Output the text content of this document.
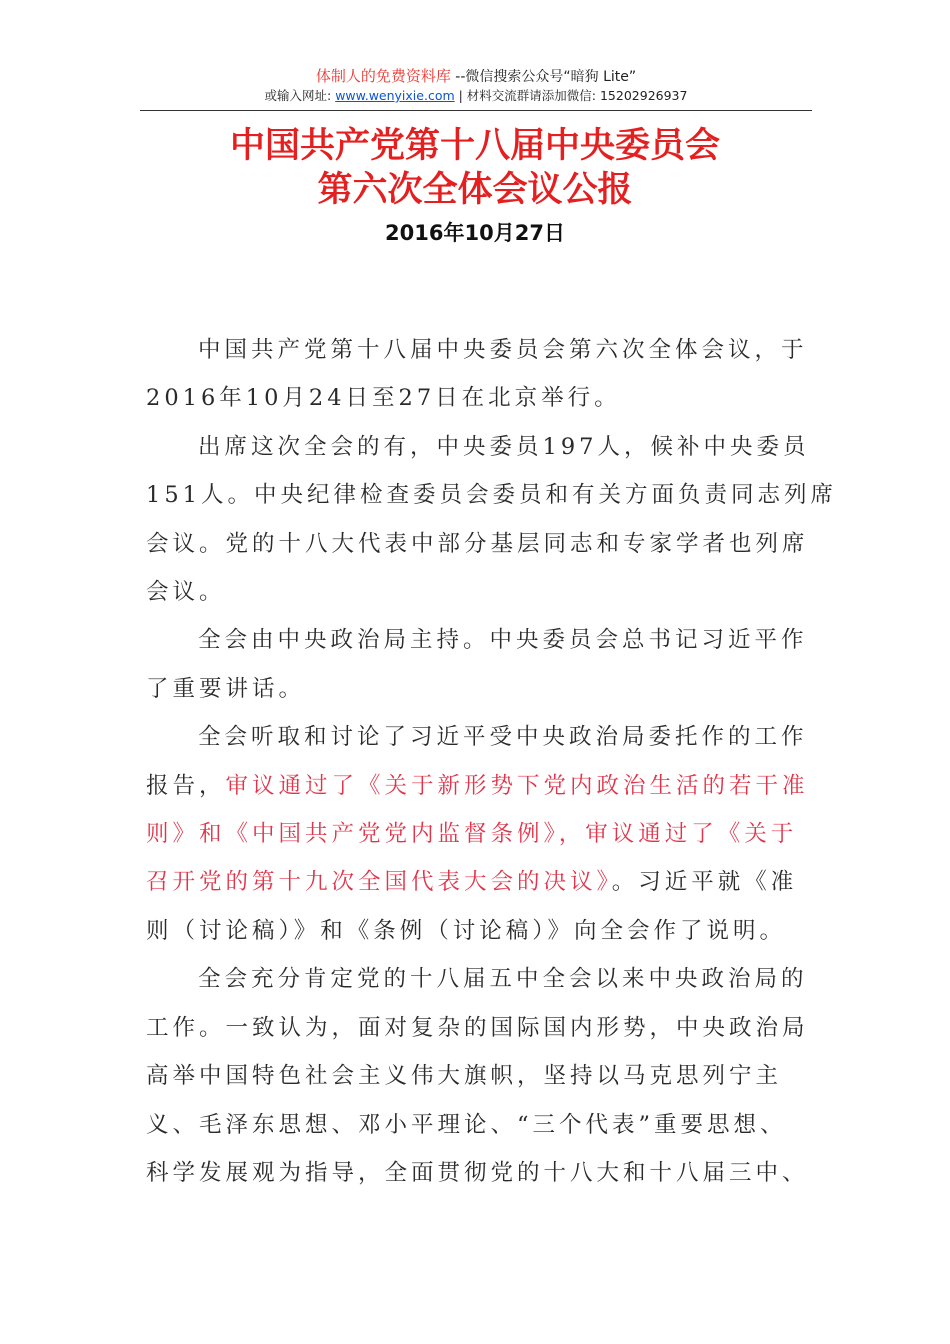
体制人的免费资料库 --微信搜索公众号“暗狗 Lite”
或输入网址: www.wenyixie.com | 材料交流群请添加微信: 15202926937
中国共产党第十八届中央委员会
第六次全体会议公报
2016年10月27日

中国共产党第十八届中央委员会第六次全体会议，于
2016年10月24日至27日在北京举行。

出席这次全会的有，中央委员197人，候补中央委员
151人。中央纪律检查委员会委员和有关方面负责同志列席
会议。党的十八大代表中部分基层同志和专家学者也列席
会议。

全会由中央政治局主持。中央委员会总书记习近平作
了重要讲话。

全会听取和讨论了习近平受中央政治局委托作的工作
报告，审议通过了《关于新形势下党内政治生活的若干准
则》和《中国共产党党内监督条例》，审议通过了《关于
召开党的第十九次全国代表大会的决议》。习近平就《准
则（讨论稿）》和《条例（讨论稿）》向全会作了说明。

全会充分肯定党的十八届五中全会以来中央政治局的
工作。一致认为，面对复杂的国际国内形势，中央政治局
高举中国特色社会主义伟大旗帜，坚持以马克思列宁主
义、毛泽东思想、邓小平理论、“三个代表”重要思想、
科学发展观为指导，全面贯彻党的十八大和十八届三中、
